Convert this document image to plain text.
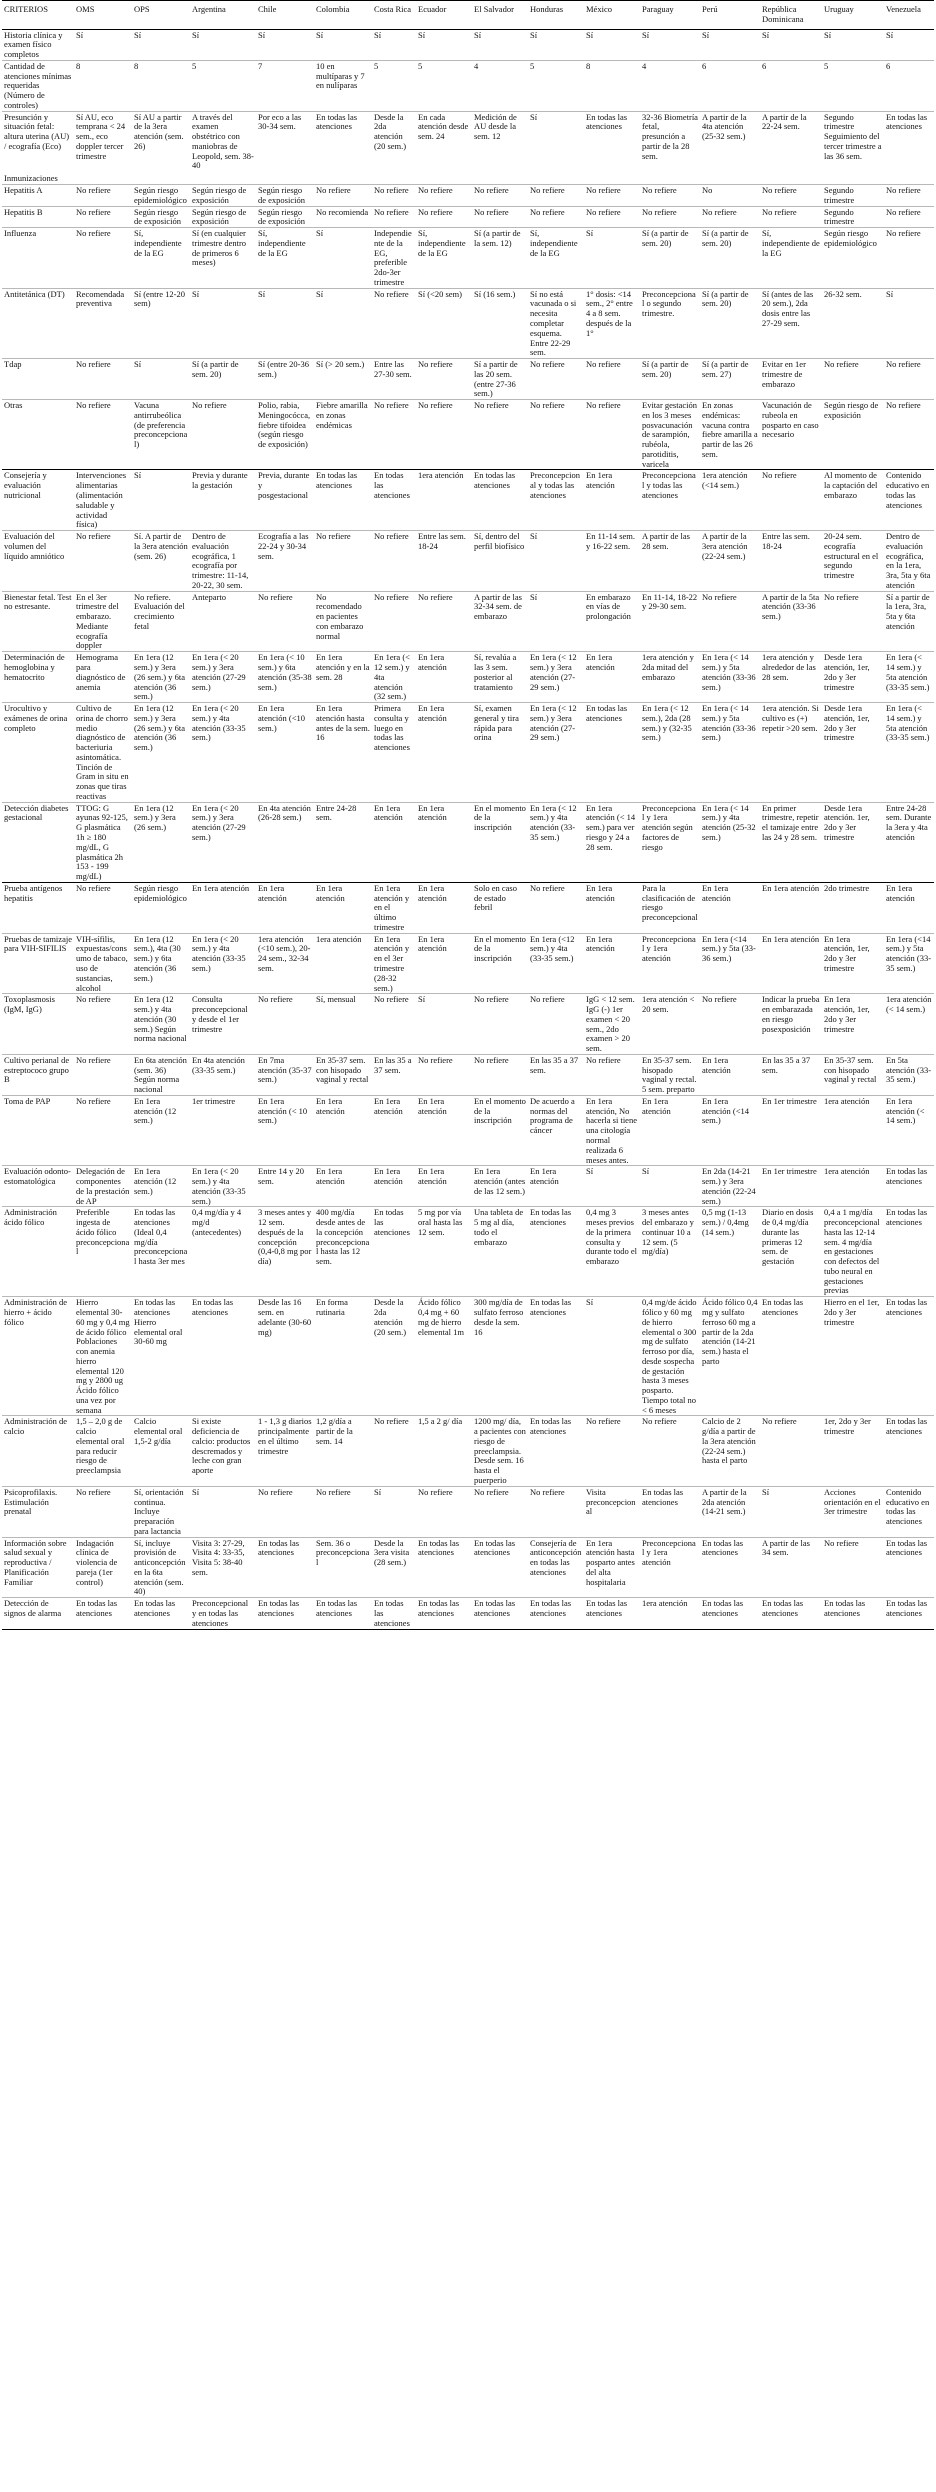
CRITERIOS	OMS	OPS	Argentina	Chile	Colombia	Costa Rica	Ecuador	El Salvador	Honduras	México	Paraguay	Perú	República Dominicana	Uruguay	Venezuela
Historia clínica y examen físico completos	Sí	Sí	Sí	Sí	Sí	Sí	Sí	Sí	Sí	Sí	Sí	Sí	Sí	Sí	Sí
Cantidad de atenciones mínimas requeridas (Número de controles)	8	8	5	7	10 en multíparas y 7 en nulíparas	5	5	4	5	8	4	6	6	5	6
Presunción y situación fetal: altura uterina (AU) / ecografía (Eco)	Sí AU, eco temprana < 24 sem., eco doppler tercer trimestre	Sí AU a partir de la 3era atención (sem. 26)	A través del examen obstétrico con maniobras de Leopold, sem. 38- 40	Por eco a las 30-34 sem.	En todas las atenciones	Desde la 2da atención (20 sem.)	En cada atención desde sem. 24	Medición de AU desde la sem. 12	Sí	En todas las atenciones	32-36 Biometría fetal, presunción a partir de la 28 sem.	A partir de la 4ta atención (25-32 sem.)	A partir de la 22-24 sem.	Segundo trimestre Seguimiento del tercer trimestre a las 36 sem.	En todas las atenciones
Inmunizaciones															
Hepatitis A	No refiere	Según riesgo epidemiológico	Según riesgo de exposición	Según riesgo de exposición	No refiere	No refiere	No refiere	No refiere	No refiere	No refiere	No refiere	No	No refiere	Segundo trimestre	No refiere
Hepatitis B	No refiere	Según riesgo de exposición	Según riesgo de exposición	Según riesgo de exposición	No recomienda	No refiere	No refiere	No refiere	No refiere	No refiere	No refiere	No refiere	No refiere	Segundo trimestre	No refiere
Influenza	No refiere	Sí, independiente de la EG	Sí (en cualquier trimestre dentro de primeros 6 meses)	Sí, independiente de la EG	Sí	Independiente de la EG, preferible 2do-3er trimestre	Sí, independiente de la EG	Sí (a partir de la sem. 12)	Sí, independiente de la EG	Sí	Sí (a partir de sem. 20)	Sí (a partir de sem. 20)	Sí, independiente de la EG	Según riesgo epidemiológico	No refiere
Antitetánica (DT)	Recomendada preventiva	Sí (entre 12-20 sem)	Sí	Sí	Sí	No refiere	Sí (<20 sem)	Sí (16 sem.)	Sí no está vacunada o si necesita completar esquema. Entre 22-29 sem.	1° dosis: <14 sem., 2° entre 4 a 8 sem. después de la 1°	Preconcepcional o segundo trimestre.	Sí (a partir de sem. 20)	Sí (antes de las 20 sem.), 2da dosis entre las 27-29 sem.	26-32 sem.	Sí
Tdap	No refiere	Sí	Sí (a partir de sem. 20)	Sí (entre 20-36 sem.)	Sí (> 20 sem.)	Entre las 27-30 sem.	No refiere	Sí a partir de las 20 sem. (entre 27-36 sem.)	No refiere	No refiere	Sí (a partir de sem. 20)	Sí (a partir de sem. 27)	Evitar en 1er trimestre de embarazo	No refiere	No refiere
Otras	No refiere	Vacuna antirrubeólica (de preferencia preconcepcional)	No refiere	Polio, rabia, Meningocócca, fiebre tifoidea (según riesgo de exposición)	Fiebre amarilla en zonas endémicas	No refiere	No refiere	No refiere	No refiere	No refiere	Evitar gestación en los 3 meses posvacunación de sarampión, rubéola, parotiditis, varicela	En zonas endémicas: vacuna contra fiebre amarilla a partir de las 26 sem.	Vacunación de rubeola en posparto en caso necesario	Según riesgo de exposición	No refiere
Consejería y evaluación nutricional	Intervenciones alimentarias (alimentación saludable y actividad física)	Sí	Previa y durante la gestación	Previa, durante y posgestacional	En todas las atenciones	En todas las atenciones	1era atención	En todas las atenciones	Preconcepcional y todas las atenciones	En 1era atención	Preconcepcional y todas las atenciones	1era atención (<14 sem.)	No refiere	Al momento de la captación del embarazo	Contenido educativo en todas las atenciones
Evaluación del volumen del líquido amniótico	No refiere	Sí. A partir de la 3era atención (sem. 26)	Dentro de evaluación ecográfica, 1 ecografía por trimestre: 11-14, 20-22, 30 sem.	Ecografía a las 22-24 y 30-34 sem.	No refiere	No refiere	Entre las sem. 18-24	Sí, dentro del perfil biofísico	Sí	En 11-14 sem. y 16-22 sem.	A partir de las 28 sem.	A partir de la 3era atención (22-24 sem.)	Entre las sem. 18-24	20-24 sem. ecografía estructural en el segundo trimestre	Dentro de evaluación ecográfica, en la 1era, 3ra, 5ta y 6ta atención
Bienestar fetal. Test no estresante.	En el 3er trimestre del embarazo. Mediante ecografía doppler	No refiere. Evaluación del crecimiento fetal	Anteparto	No refiere	No recomendado en pacientes con embarazo normal	No refiere	No refiere	A partir de las 32-34 sem. de embarazo	Sí	En embarazo en vías de prolongación	En 11-14, 18-22 y 29-30 sem.	No refiere	A partir de la 5ta atención (33-36 sem.)	No refiere	Sí a partir de la 1era, 3ra, 5ta y 6ta atención
Determinación de hemoglobina y hematocrito	Hemograma para diagnóstico de anemia	En 1era (12 sem.) y 3era (26 sem.) y 6ta atención (36 sem.)	En 1era (< 20 sem.) y 3era atención (27-29 sem.)	En 1era (< 10 sem.) y 6ta atención (35-38 sem.)	En 1era atención y en la sem. 28	En 1era (< 12 sem.) y 4ta atención (32 sem.)	En 1era atención	Sí, revalúa a las 3 sem. posterior al tratamiento	En 1era (< 12 sem.) y 3era atención (27-29 sem.)	En 1era atención	1era atención y 2da mitad del embarazo	En 1era (< 14 sem.) y 5ta atención (33-36 sem.)	1era atención y alrededor de las 28 sem.	Desde 1era atención, 1er, 2do y 3er trimestre	En 1era (< 14 sem.) y 5ta atención (33-35 sem.)
Urocultivo y exámenes de orina completo	Cultivo de orina de chorro medio diagnóstico de bacteriuria asintomática. Tinción de Gram in situ en zonas que tiras reactivas	En 1era (12 sem.) y 3era (26 sem.) y 6ta atención (36 sem.)	En 1era (< 20 sem.) y 4ta atención (33-35 sem.)	En 1era atención (<10 sem.)	En 1era atención hasta antes de la sem. 16	Primera consulta y luego en todas las atenciones	En 1era atención	Sí, examen general y tira rápida para orina	En 1era (< 12 sem.) y 3era atención (27-29 sem.)	En todas las atenciones	En 1era (< 12 sem.), 2da (28 sem.) y (32-35 sem.)	En 1era (< 14 sem.) y 5ta atención (33-36 sem.)	1era atención. Si cultivo es (+) repetir >20 sem.	Desde 1era atención, 1er, 2do y 3er trimestre	En 1era (< 14 sem.) y 5ta atención (33-35 sem.)
Detección diabetes gestacional	TTOG: G ayunas 92-125, G plasmática 1h ≥ 180 mg/dL, G plasmática 2h 153 - 199 mg/dL)	En 1era (12 sem.) y 3era (26 sem.)	En 1era (< 20 sem.) y 3era atención (27-29 sem.)	En 4ta atención (26-28 sem.)	Entre 24-28 sem.	En 1era atención	En 1era atención	En el momento de la inscripción	En 1era (< 12 sem.) y 4ta atención (33-35 sem.)	En 1era atención (< 14 sem.) para ver riesgo y 24 a 28 sem.	Preconcepcional y 1era atención según factores de riesgo	En 1era (< 14 sem.) y 4ta atención (25-32 sem.)	En primer trimestre, repetir el tamizaje entre las 24 y 28 sem.	Desde 1era atención. 1er, 2do y 3er trimestre	Entre 24-28 sem. Durante la 3era y 4ta atención
Prueba antígenos hepatitis	No refiere	Según riesgo epidemiológico	En 1era atención	En 1era atención	En 1era atención	En 1era atención y en el último trimestre	En 1era atención	Solo en caso de estado febril	No refiere	En 1era atención	Para la clasificación de riesgo preconcepcional	En 1era atención	En 1era atención	2do trimestre	En 1era atención
Pruebas de tamizaje para VIH-SIFILIS	VIH-sífilis, expuestas/consumo de tabaco, uso de sustancias, alcohol	En 1era (12 sem.), 4ta (30 sem.) y 6ta atención (36 sem.)	En 1era (< 20 sem.) y 4ta atención (33-35 sem.)	1era atención (<10 sem.), 20-24 sem., 32-34 sem.	1era atención	En 1era atención y en el 3er trimestre (28-32 sem.)	En 1era atención	En el momento de la inscripción	En 1era (<12 sem.) y 4ta (33-35 sem.)	En 1era atención	Preconcepcional y 1era atención	En 1era (<14 sem.) y 5ta (33-36 sem.)	En 1era atención	En 1era atención, 1er, 2do y 3er trimestre	En 1era (<14 sem.) y 5ta atención (33-35 sem.)
Toxoplasmosis (IgM, IgG)	No refiere	En 1era (12 sem.) y 4ta atención (30 sem.) Según norma nacional	Consulta preconcepcional y desde el 1er trimestre	No refiere	Sí, mensual	No refiere	Sí	No refiere	No refiere	IgG < 12 sem. IgG (-) 1er examen < 20 sem., 2do examen > 20 sem.	1era atención < 20 sem.	No refiere	Indicar la prueba en embarazada en riesgo posexposición	En 1era atención, 1er, 2do y 3er trimestre	1era atención (< 14 sem.)
Cultivo perianal de estreptococo grupo B	No refiere	En 6ta atención (sem. 36) Según norma nacional	En 4ta atención (33-35 sem.)	En 7ma atención (35-37 sem.)	En 35-37 sem. con hisopado vaginal y rectal	En las 35 a 37 sem.	No refiere	No refiere	En las 35 a 37 sem.	No refiere	En 35-37 sem. hisopado vaginal y rectal. 5 sem. preparto	En 1era atención	En las 35 a 37 sem.	En 35-37 sem. con hisopado vaginal y rectal	En 5ta atención (33-35 sem.)
Toma de PAP	No refiere	En 1era atención (12 sem.)	1er trimestre	En 1era atención (< 10 sem.)	En 1era atención	En 1era atención	En 1era atención	En el momento de la inscripción	De acuerdo a normas del programa de cáncer	En 1era atención, No hacerla si tiene una citología normal realizada 6 meses antes.	En 1era atención	En 1era atención (<14 sem.)	En 1er trimestre	1era atención	En 1era atención (< 14 sem.)
Evaluación odonto-estomatológica	Delegación de componentes de la prestación de AP	En 1era atención (12 sem.)	En 1era (< 20 sem.) y 4ta atención (33-35 sem.)	Entre 14 y 20 sem.	En 1era atención	En 1era atención	En 1era atención	En 1era atención (antes de las 12 sem.)	En 1era atención	Sí	Sí	En 2da (14-21 sem.) y 3era atención (22-24 sem.)	En 1er trimestre	1era atención	En todas las atenciones
Administración ácido fólico	Preferible ingesta de ácido fólico preconcepcional	En todas las atenciones (Ideal 0,4 mg/día preconcepcional hasta 3er mes	0,4 mg/día y 4 mg/d (antecedentes)	3 meses antes y 12 sem. después de la concepción (0,4-0,8 mg por día)	400 mg/día desde antes de la concepción preconcepcional hasta las 12 sem.	En todas las atenciones	5 mg por vía oral hasta las 12 sem.	Una tableta de 5 mg al día, todo el embarazo	En todas las atenciones	0,4 mg 3 meses previos de la primera consulta y durante todo el embarazo	3 meses antes del embarazo y continuar 10 a 12 sem. (5 mg/día)	0,5 mg (1-13 sem.) / 0,4mg (14 sem.)	Diario en dosis de 0,4 mg/día durante las primeras 12 sem. de gestación	0,4 a 1 mg/día preconcepcional hasta las 12-14 sem. 4 mg/día en gestaciones con defectos del tubo neural en gestaciones previas	En todas las atenciones
Administración de hierro + ácido fólico	Hierro elemental 30-60 mg y 0,4 mg de ácido fólico Poblaciones con anemia hierro elemental 120 mg y 2800 ug Ácido fólico una vez por semana	En todas las atenciones Hierro elemental oral 30-60 mg	En todas las atenciones	Desde las 16 sem. en adelante (30-60 mg)	En forma rutinaria	Desde la 2da atención (20 sem.)	Ácido fólico 0,4 mg + 60 mg de hierro elemental 1m	300 mg/día de sulfato ferroso desde la sem. 16	En todas las atenciones	Sí	0,4 mg/de ácido fólico y 60 mg de hierro elemental o 300 mg de sulfato ferroso por día, desde sospecha de gestación hasta 3 meses posparto. Tiempo total no < 6 meses	Ácido fólico 0,4 mg y sulfato ferroso 60 mg a partir de la 2da atención (14-21 sem.) hasta el parto	En todas las atenciones	Hierro en el 1er, 2do y 3er trimestre	En todas las atenciones
Administración de calcio	1,5 – 2,0 g de calcio elemental oral para reducir riesgo de preeclampsia	Calcio elemental oral 1,5-2 g/día	Si existe deficiencia de calcio: productos descremados y leche con gran aporte	1 - 1,3 g diarios principalmente en el último trimestre	1,2 g/día a partir de la sem. 14	No refiere	1,5 a 2 g/ día	1200 mg/ día, a pacientes con riesgo de preeclampsia. Desde sem. 16 hasta el puerperio	En todas las atenciones	No refiere	No refiere	Calcio de 2 g/día a partir de la 3era atención (22-24 sem.) hasta el parto	No refiere	1er, 2do y 3er trimestre	En todas las atenciones
Psicoprofilaxis. Estimulación prenatal	No refiere	Sí, orientación continua. Incluye preparación para lactancia	Sí	No refiere	No refiere	Sí	No refiere	No refiere	No refiere	Visita preconcepcional	En todas las atenciones	A partir de la 2da atención (14-21 sem.)	Sí	Acciones orientación en el 3er trimestre	Contenido educativo en todas las atenciones
Información sobre salud sexual y reproductiva / Planificación Familiar	Indagación clínica de violencia de pareja (1er control)	Sí, incluye provisión de anticoncepción en la 6ta atención (sem. 40)	Visita 3: 27-29, Visita 4: 33-35, Visita 5: 38-40 sem.	En todas las atenciones	Sem. 36 o preconcepcional	Desde la 3era visita (28 sem.)	En todas las atenciones	En todas las atenciones	Consejería de anticoncepción en todas las atenciones	En 1era atención hasta posparto antes del alta hospitalaria	Preconcepcional y 1era atención	En todas las atenciones	A partir de las 34 sem.	No refiere	En todas las atenciones
Detección de signos de alarma	En todas las atenciones	En todas las atenciones	Preconcepcional y en todas las atenciones	En todas las atenciones	En todas las atenciones	En todas las atenciones	En todas las atenciones	En todas las atenciones	En todas las atenciones	En todas las atenciones	1era atención	En todas las atenciones	En todas las atenciones	En todas las atenciones	En todas las atenciones
